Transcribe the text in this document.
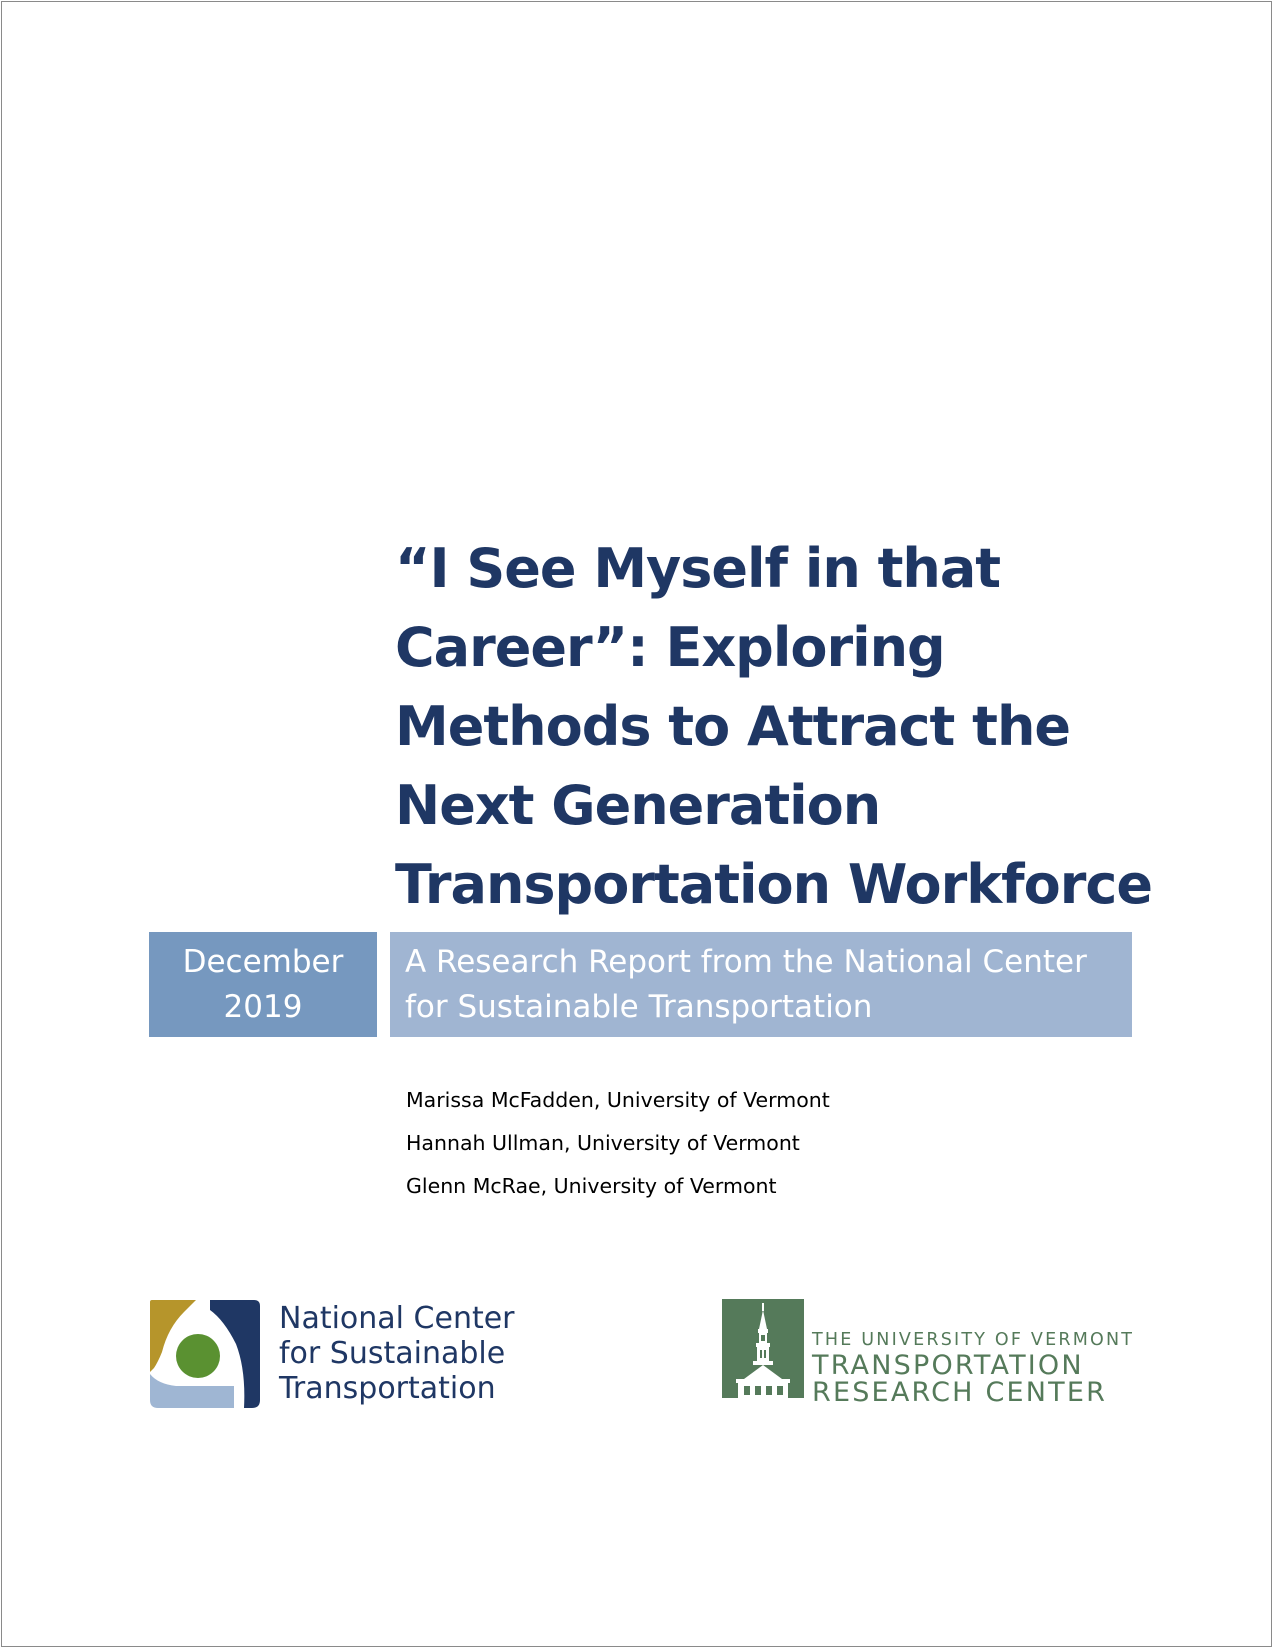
“I See Myself in that
Career”: Exploring
Methods to Attract the
Next Generation
Transportation Workforce
December
2019
A Research Report from the National Center
for Sustainable Transportation
Marissa McFadden, University of Vermont
Hannah Ullman, University of Vermont
Glenn McRae, University of Vermont
National Center
for Sustainable
Transportation
THE UNIVERSITY OF VERMONT
TRANSPORTATION
RESEARCH CENTER
